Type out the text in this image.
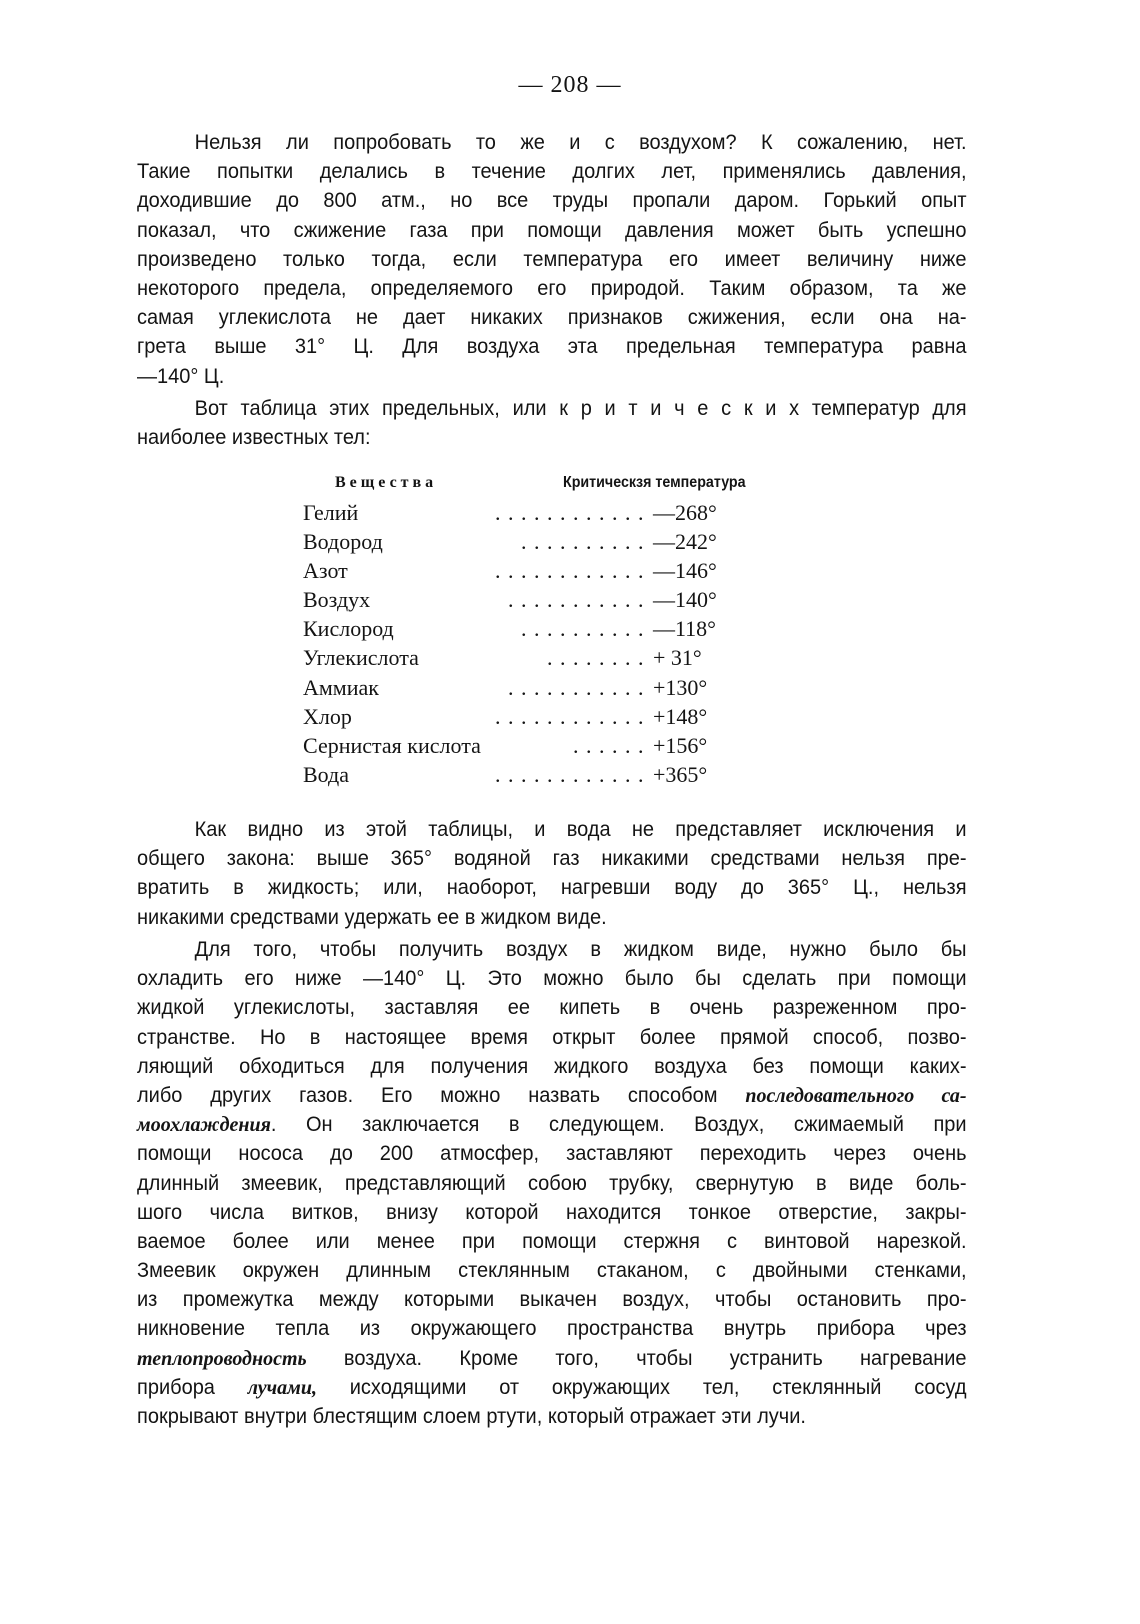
— 208 —
Нельзя ли попробовать то же и с воздухом? К сожалению, нет.
Такие попытки делались в течение долгих лет, применялись давления,
доходившие до 800 атм., но все труды пропали даром. Горький опыт
показал, что сжижение газа при помощи давления может быть успешно
произведено только тогда, если температура его имеет величину ниже
некоторого предела, определяемого его природой. Таким образом, та же
самая углекислота не дает никаких признаков сжижения, если она на-
грета выше 31° Ц. Для воздуха эта предельная температура равна
—140° Ц.
Вот таблица этих предельных, или к р и т и ч е с к и х температур для
наиболее известных тел:
Вещества	Критическзя температура
Гелий	............ —268°
Водород	.......... —242°
Азот	............ —146°
Воздух	........... —140°
Кислород	.......... —118°
Углекислота	........ + 31°
Аммиак	........... +130°
Хлор	............ +148°
Сернистая кислота	...... +156°
Вода	............ +365°
Как видно из этой таблицы, и вода не представляет исключения и
общего закона: выше 365° водяной газ никакими средствами нельзя пре-
вратить в жидкость; или, наоборот, нагревши воду до 365° Ц., нельзя
никакими средствами удержать ее в жидком виде.
Для того, чтобы получить воздух в жидком виде, нужно было бы
охладить его ниже —140° Ц. Это можно было бы сделать при помощи
жидкой углекислоты, заставляя ее кипеть в очень разреженном про-
странстве. Но в настоящее время открыт более прямой способ, позво-
ляющий обходиться для получения жидкого воздуха без помощи каких-
либо других газов. Его можно назвать способом последовательного са-
моохлаждения. Он заключается в следующем. Воздух, сжимаемый при
помощи нососа до 200 атмосфер, заставляют переходить через очень
длинный змеевик, представляющий собою трубку, свернутую в виде боль-
шого числа витков, внизу которой находится тонкое отверстие, закры-
ваемое более или менее при помощи стержня с винтовой нарезкой.
Змеевик окружен длинным стеклянным стаканом, с двойными стенками,
из промежутка между которыми выкачен воздух, чтобы остановить про-
никновение тепла из окружающего пространства внутрь прибора чрез
теплопроводность воздуха. Кроме того, чтобы устранить нагревание
прибора лучами, исходящими от окружающих тел, стеклянный сосуд
покрывают внутри блестящим слоем ртути, который отражает эти лучи.
